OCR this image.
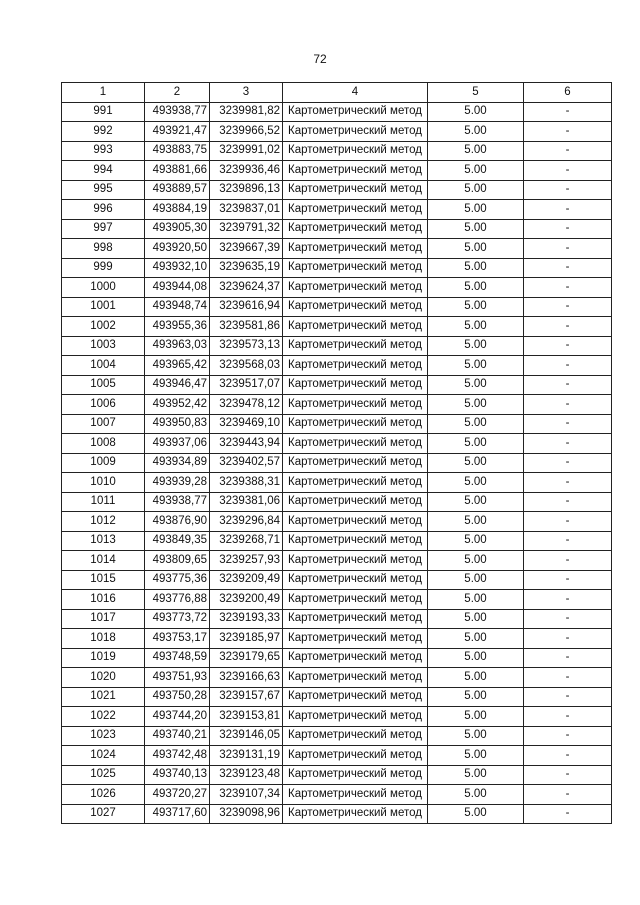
72
1	2	3	4	5	6
991	493938,77	3239981,82	Картометрический метод	5.00	-
992	493921,47	3239966,52	Картометрический метод	5.00	-
993	493883,75	3239991,02	Картометрический метод	5.00	-
994	493881,66	3239936,46	Картометрический метод	5.00	-
995	493889,57	3239896,13	Картометрический метод	5.00	-
996	493884,19	3239837,01	Картометрический метод	5.00	-
997	493905,30	3239791,32	Картометрический метод	5.00	-
998	493920,50	3239667,39	Картометрический метод	5.00	-
999	493932,10	3239635,19	Картометрический метод	5.00	-
1000	493944,08	3239624,37	Картометрический метод	5.00	-
1001	493948,74	3239616,94	Картометрический метод	5.00	-
1002	493955,36	3239581,86	Картометрический метод	5.00	-
1003	493963,03	3239573,13	Картометрический метод	5.00	-
1004	493965,42	3239568,03	Картометрический метод	5.00	-
1005	493946,47	3239517,07	Картометрический метод	5.00	-
1006	493952,42	3239478,12	Картометрический метод	5.00	-
1007	493950,83	3239469,10	Картометрический метод	5.00	-
1008	493937,06	3239443,94	Картометрический метод	5.00	-
1009	493934,89	3239402,57	Картометрический метод	5.00	-
1010	493939,28	3239388,31	Картометрический метод	5.00	-
1011	493938,77	3239381,06	Картометрический метод	5.00	-
1012	493876,90	3239296,84	Картометрический метод	5.00	-
1013	493849,35	3239268,71	Картометрический метод	5.00	-
1014	493809,65	3239257,93	Картометрический метод	5.00	-
1015	493775,36	3239209,49	Картометрический метод	5.00	-
1016	493776,88	3239200,49	Картометрический метод	5.00	-
1017	493773,72	3239193,33	Картометрический метод	5.00	-
1018	493753,17	3239185,97	Картометрический метод	5.00	-
1019	493748,59	3239179,65	Картометрический метод	5.00	-
1020	493751,93	3239166,63	Картометрический метод	5.00	-
1021	493750,28	3239157,67	Картометрический метод	5.00	-
1022	493744,20	3239153,81	Картометрический метод	5.00	-
1023	493740,21	3239146,05	Картометрический метод	5.00	-
1024	493742,48	3239131,19	Картометрический метод	5.00	-
1025	493740,13	3239123,48	Картометрический метод	5.00	-
1026	493720,27	3239107,34	Картометрический метод	5.00	-
1027	493717,60	3239098,96	Картометрический метод	5.00	-
